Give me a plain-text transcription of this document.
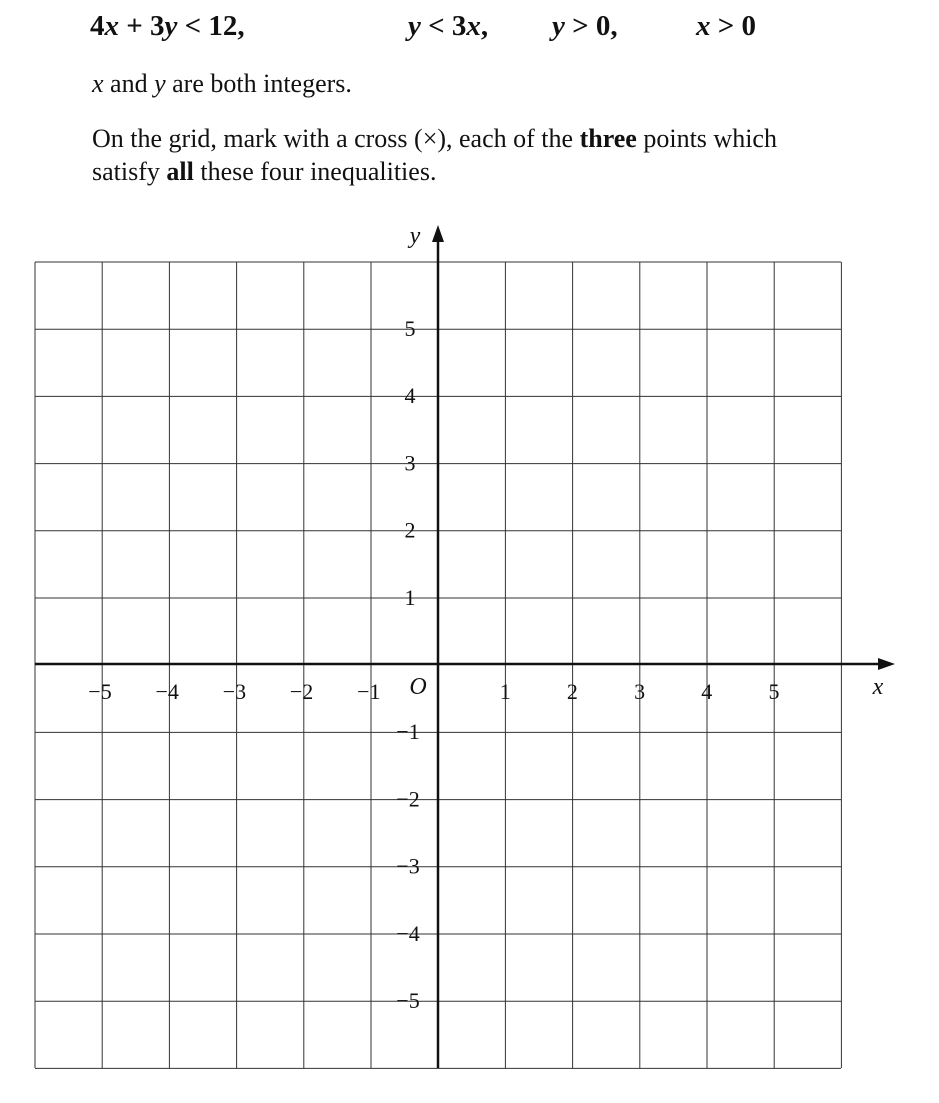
4x + 3y < 12,	y < 3x, y > 0,	x > 0
x and y are both integers.
On the grid, mark with a cross (×), each of the three points which
satisfy all these four inequalities.
−5 −4 −3 −2 −1	1	2	3	4	5
5
4
3
2
1
−1
−2
−3
−4
−5
O	x
y
